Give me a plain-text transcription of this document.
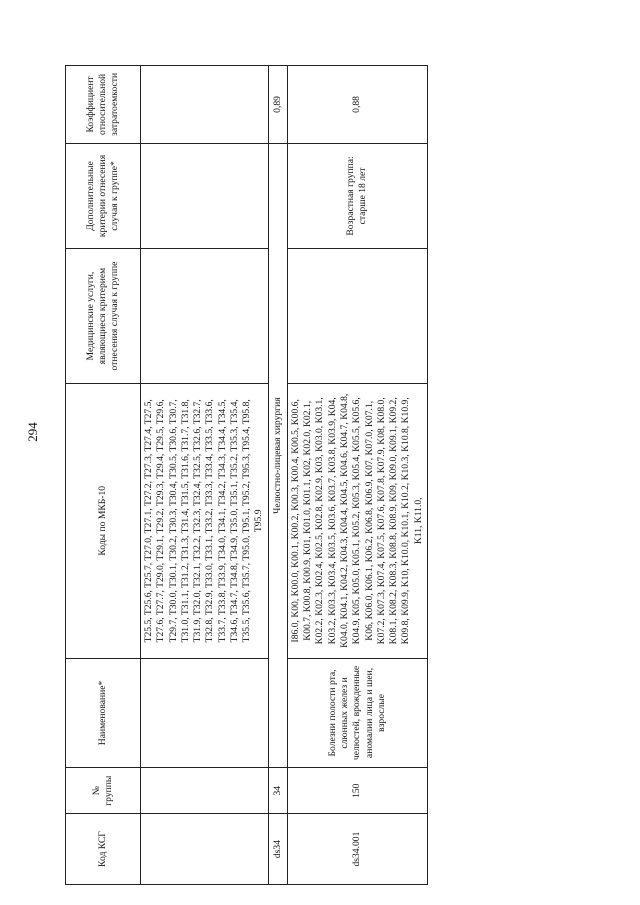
294
Код КСГ	№ группы	Наименование*	Коды по МКБ-10	Медицинские услуги, являющиеся критерием отнесения случая к группе	Дополнительные критерии отнесения случая к группе*	Коэффициент относительной затратоемкости
			T25.5, T25.6, T25.7, T27.0, T27.1, T27.2, T27.3, T27.4, T27.5, T27.6, T27.7, T29.0, T29.1, T29.2, T29.3, T29.4, T29.5, T29.6, T29.7, T30.0, T30.1, T30.2, T30.3, T30.4, T30.5, T30.6, T30.7, T31.0, T31.1, T31.2, T31.3, T31.4, T31.5, T31.6, T31.7, T31.8, T31.9, T32.0, T32.1, T32.2, T32.3, T32.4, T32.5, T32.6, T32.7, T32.8, T32.9, T33.0, T33.1, T33.2, T33.3, T33.4, T33.5, T33.6, T33.7, T33.8, T33.9, T34.0, T34.1, T34.2, T34.3, T34.4, T34.5, T34.6, T34.7, T34.8, T34.9, T35.0, T35.1, T35.2, T35.3, T35.4, T35.5, T35.6, T35.7, T95.0, T95.1, T95.2, T95.3, T95.4, T95.8, T95.9			
ds34	34	Челюстно-лицевая хирургия				0,89
ds34.001	150	Болезни полости рта, слюнных желез и челюстей, врожденные аномалии лица и шеи, взрослые	I86.0, K00, K00.0, K00.1, K00.2, K00.3, K00.4, K00.5, K00.6, K00.7, K00.8, K00.9, K01, K01.0, K01.1, K02, K02.0, K02.1, K02.2, K02.3, K02.4, K02.5, K02.8, K02.9, K03, K03.0, K03.1, K03.2, K03.3, K03.4, K03.5, K03.6, K03.7, K03.8, K03.9, K04, K04.0, K04.1, K04.2, K04.3, K04.4, K04.5, K04.6, K04.7, K04.8, K04.9, K05, K05.0, K05.1, K05.2, K05.3, K05.4, K05.5, K05.6, K06, K06.0, K06.1, K06.2, K06.8, K06.9, K07, K07.0, K07.1, K07.2, K07.3, K07.4, K07.5, K07.6, K07.8, K07.9, K08, K08.0, K08.1, K08.2, K08.3, K08.8, K08.9, K09, K09.0, K09.1, K09.2, K09.8, K09.9, K10, K10.0, K10.1, K10.2, K10.3, K10.8, K10.9, K11, K11.0,		Возрастная группа: старше 18 лет	0,88
